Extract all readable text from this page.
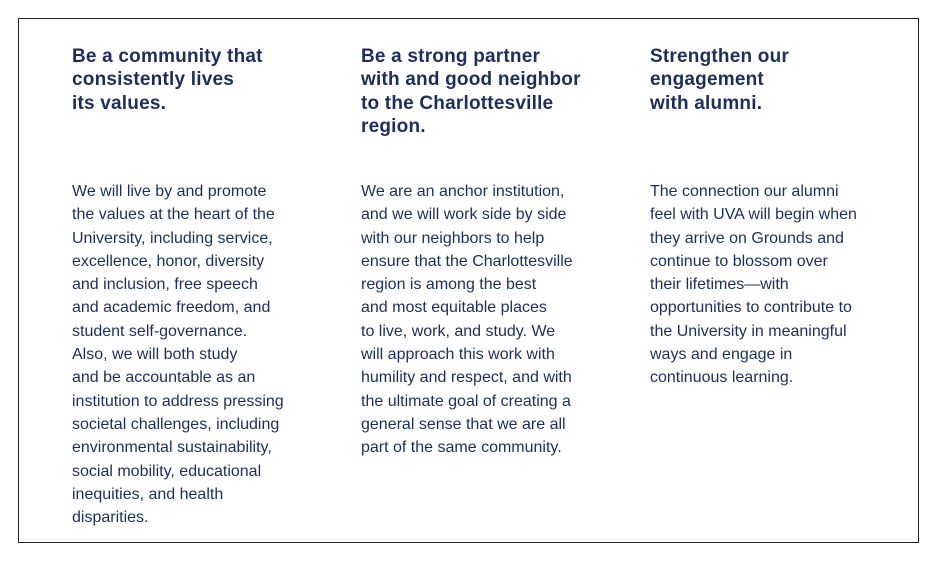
Be a community that
consistently lives
its values.

We will live by and promote
the values at the heart of the
University, including service,
excellence, honor, diversity
and inclusion, free speech
and academic freedom, and
student self-governance.
Also, we will both study
and be accountable as an
institution to address pressing
societal challenges, including
environmental sustainability,
social mobility, educational
inequities, and health
disparities.

Be a strong partner
with and good neighbor
to the Charlottesville
region.

We are an anchor institution,
and we will work side by side
with our neighbors to help
ensure that the Charlottesville
region is among the best
and most equitable places
to live, work, and study. We
will approach this work with
humility and respect, and with
the ultimate goal of creating a
general sense that we are all
part of the same community.

Strengthen our
engagement
with alumni.

The connection our alumni
feel with UVA will begin when
they arrive on Grounds and
continue to blossom over
their lifetimes—with
opportunities to contribute to
the University in meaningful
ways and engage in
continuous learning.
